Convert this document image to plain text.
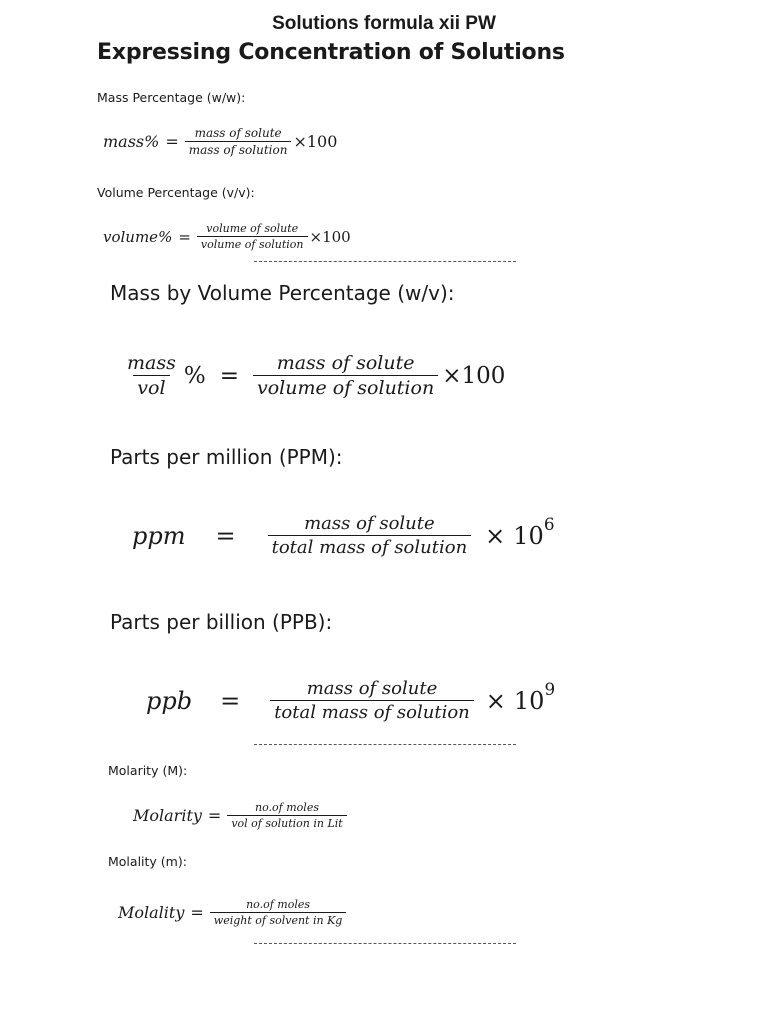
Solutions formula xii PW
Expressing Concentration of Solutions
Mass Percentage (w/w):
mass% = $\frac{\text{mass of solute}}{\text{mass of solution}} \times 100$
Volume Percentage (v/v):
volume% = $\frac{\text{volume of solute}}{\text{volume of solution}} \times 100$
Mass by Volume Percentage (w/v):
$\frac{\text{mass}}{\text{vol}}$ % = $\frac{\text{mass of solute}}{\text{volume of solution}} \times 100$
Parts per million (PPM):
ppm = $\frac{\text{mass of solute}}{\text{total mass of solution}} \times 10$ 6
Parts per billion (PPB):
ppb = $\frac{\text{mass of solute}}{\text{total mass of solution}} \times 10$ 9
Molarity (M):
Molarity = $\frac{\text{no.of moles}}{\text{vol of solution in Lit}}$
Molality (m):
Molality = $\frac{\text{no.of moles}}{\text{weight of solvent in Kg}}$
